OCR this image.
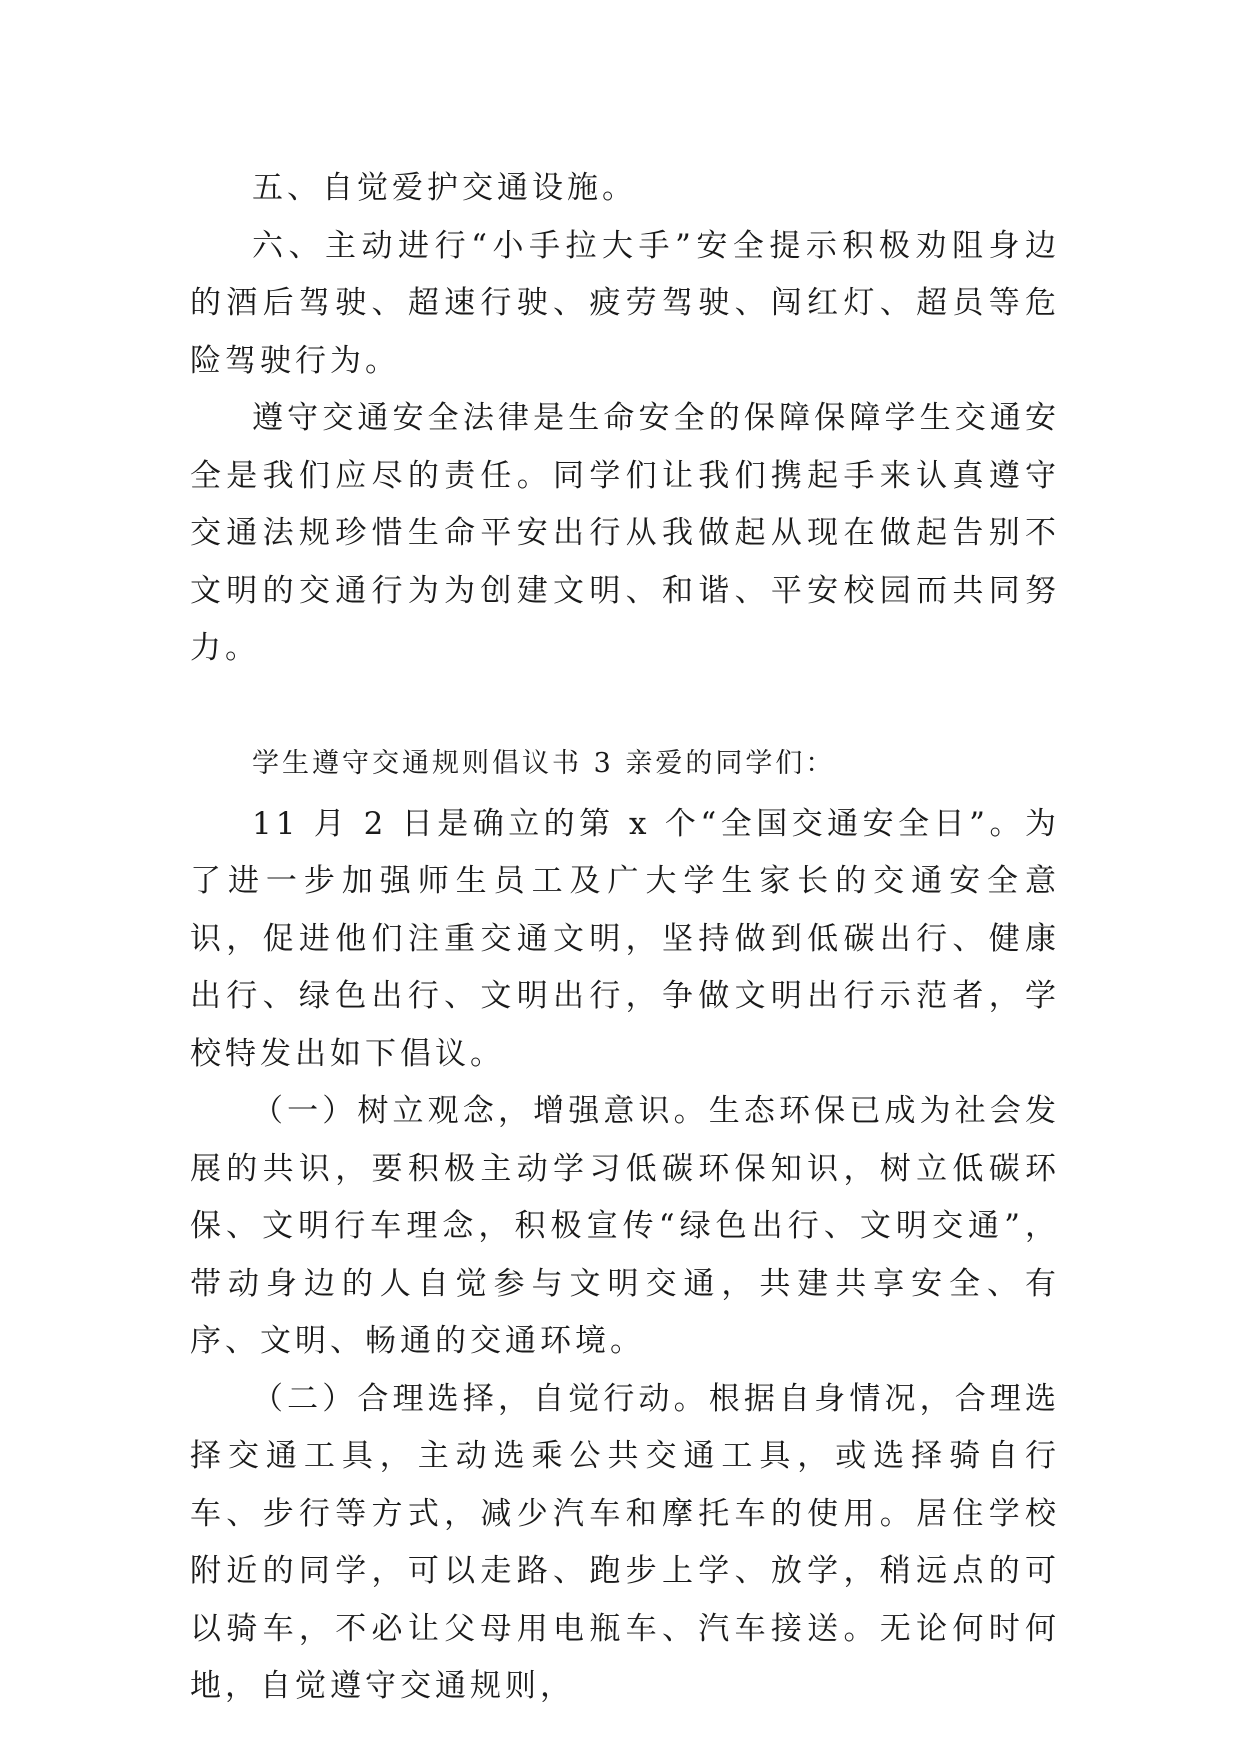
五、自觉爱护交通设施。

六、主动进行“小手拉大手”安全提示积极劝阻身边的酒后驾驶、超速行驶、疲劳驾驶、闯红灯、超员等危险驾驶行为。

遵守交通安全法律是生命安全的保障保障学生交通安全是我们应尽的责任。同学们让我们携起手来认真遵守交通法规珍惜生命平安出行从我做起从现在做起告别不文明的交通行为为创建文明、和谐、平安校园而共同努力。

学生遵守交通规则倡议书 3 亲爱的同学们：

11 月 2 日是确立的第 x 个“全国交通安全日”。为了进一步加强师生员工及广大学生家长的交通安全意识，促进他们注重交通文明，坚持做到低碳出行、健康出行、绿色出行、文明出行，争做文明出行示范者，学校特发出如下倡议。

（一）树立观念，增强意识。生态环保已成为社会发展的共识，要积极主动学习低碳环保知识，树立低碳环保、文明行车理念，积极宣传“绿色出行、文明交通”，带动身边的人自觉参与文明交通，共建共享安全、有序、文明、畅通的交通环境。

（二）合理选择，自觉行动。根据自身情况，合理选择交通工具，主动选乘公共交通工具，或选择骑自行车、步行等方式，减少汽车和摩托车的使用。居住学校附近的同学，可以走路、跑步上学、放学，稍远点的可以骑车，不必让父母用电瓶车、汽车接送。无论何时何地，自觉遵守交通规则，
